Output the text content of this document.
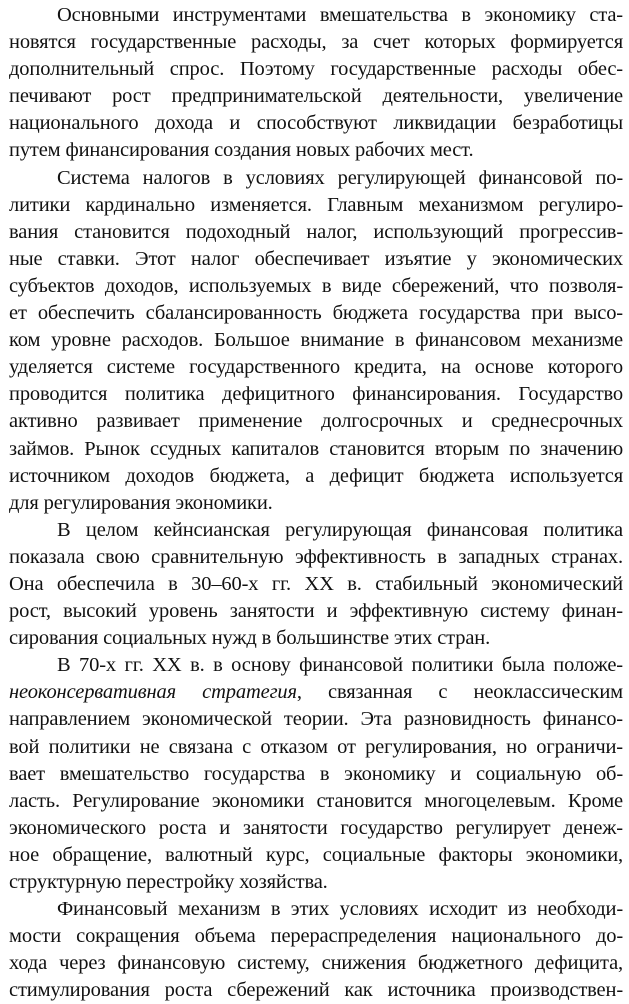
Основными инструментами вмешательства в экономику ста-
новятся государственные расходы, за счет которых формируется
дополнительный спрос. Поэтому государственные расходы обес-
печивают рост предпринимательской деятельности, увеличение
национального дохода и способствуют ликвидации безработицы
путем финансирования создания новых рабочих мест.
Система налогов в условиях регулирующей финансовой по-
литики кардинально изменяется. Главным механизмом регулиро-
вания становится подоходный налог, использующий прогрессив-
ные ставки. Этот налог обеспечивает изъятие у экономических
субъектов доходов, используемых в виде сбережений, что позволя-
ет обеспечить сбалансированность бюджета государства при высо-
ком уровне расходов. Большое внимание в финансовом механизме
уделяется системе государственного кредита, на основе которого
проводится политика дефицитного финансирования. Государство
активно развивает применение долгосрочных и среднесрочных
займов. Рынок ссудных капиталов становится вторым по значению
источником доходов бюджета, а дефицит бюджета используется
для регулирования экономики.
В целом кейнсианская регулирующая финансовая политика
показала свою сравнительную эффективность в западных странах.
Она обеспечила в 30–60-х гг. XX в. стабильный экономический
рост, высокий уровень занятости и эффективную систему финан-
сирования социальных нужд в большинстве этих стран.
В 70-х гг. XX в. в основу финансовой политики была положе-
неоконсервативная стратегия, связанная с неоклассическим
направлением экономической теории. Эта разновидность финансо-
вой политики не связана с отказом от регулирования, но ограничи-
вает вмешательство государства в экономику и социальную об-
ласть. Регулирование экономики становится многоцелевым. Кроме
экономического роста и занятости государство регулирует денеж-
ное обращение, валютный курс, социальные факторы экономики,
структурную перестройку хозяйства.
Финансовый механизм в этих условиях исходит из необходи-
мости сокращения объема перераспределения национального до-
хода через финансовую систему, снижения бюджетного дефицита,
стимулирования роста сбережений как источника производствен-
